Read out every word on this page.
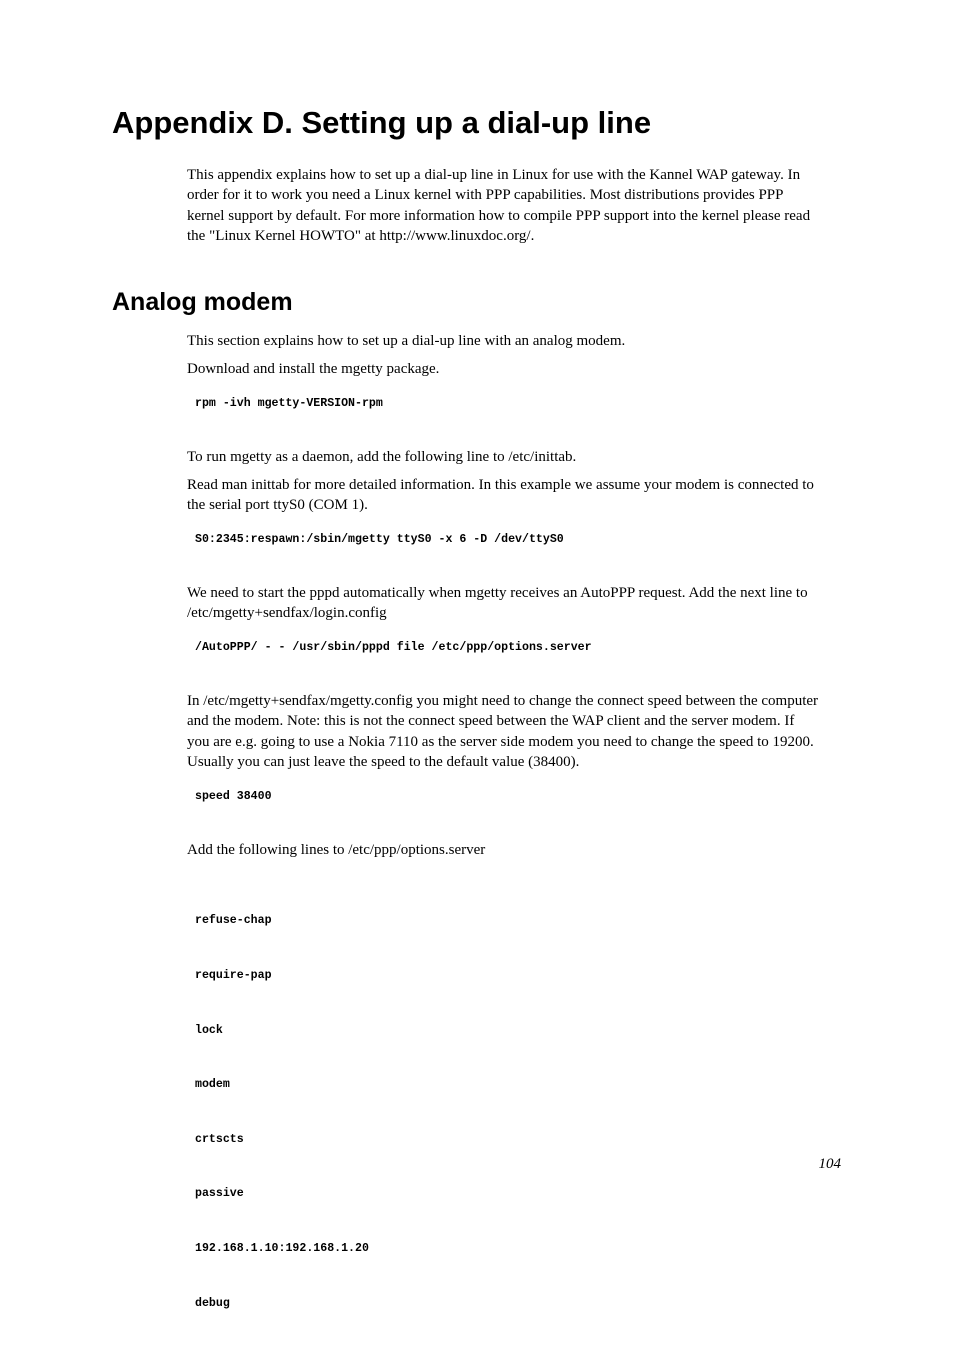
Appendix D. Setting up a dial-up line

This appendix explains how to set up a dial-up line in Linux for use with the Kannel WAP gateway. In
order for it to work you need a Linux kernel with PPP capabilities. Most distributions provides PPP
kernel support by default. For more information how to compile PPP support into the kernel please read
the "Linux Kernel HOWTO" at http://www.linuxdoc.org/.

Analog modem

This section explains how to set up a dial-up line with an analog modem.

Download and install the mgetty package.

rpm -ivh mgetty-VERSION-rpm

To run mgetty as a daemon, add the following line to /etc/inittab.

Read man inittab for more detailed information. In this example we assume your modem is connected to
the serial port ttyS0 (COM 1).

S0:2345:respawn:/sbin/mgetty ttyS0 -x 6 -D /dev/ttyS0

We need to start the pppd automatically when mgetty receives an AutoPPP request. Add the next line to
/etc/mgetty+sendfax/login.config

/AutoPPP/ - - /usr/sbin/pppd file /etc/ppp/options.server

In /etc/mgetty+sendfax/mgetty.config you might need to change the connect speed between the computer
and the modem. Note: this is not the connect speed between the WAP client and the server modem. If
you are e.g. going to use a Nokia 7110 as the server side modem you need to change the speed to 19200.
Usually you can just leave the speed to the default value (38400).

speed 38400

Add the following lines to /etc/ppp/options.server

refuse-chap

require-pap

lock

modem

crtscts

passive

192.168.1.10:192.168.1.20

debug

104
